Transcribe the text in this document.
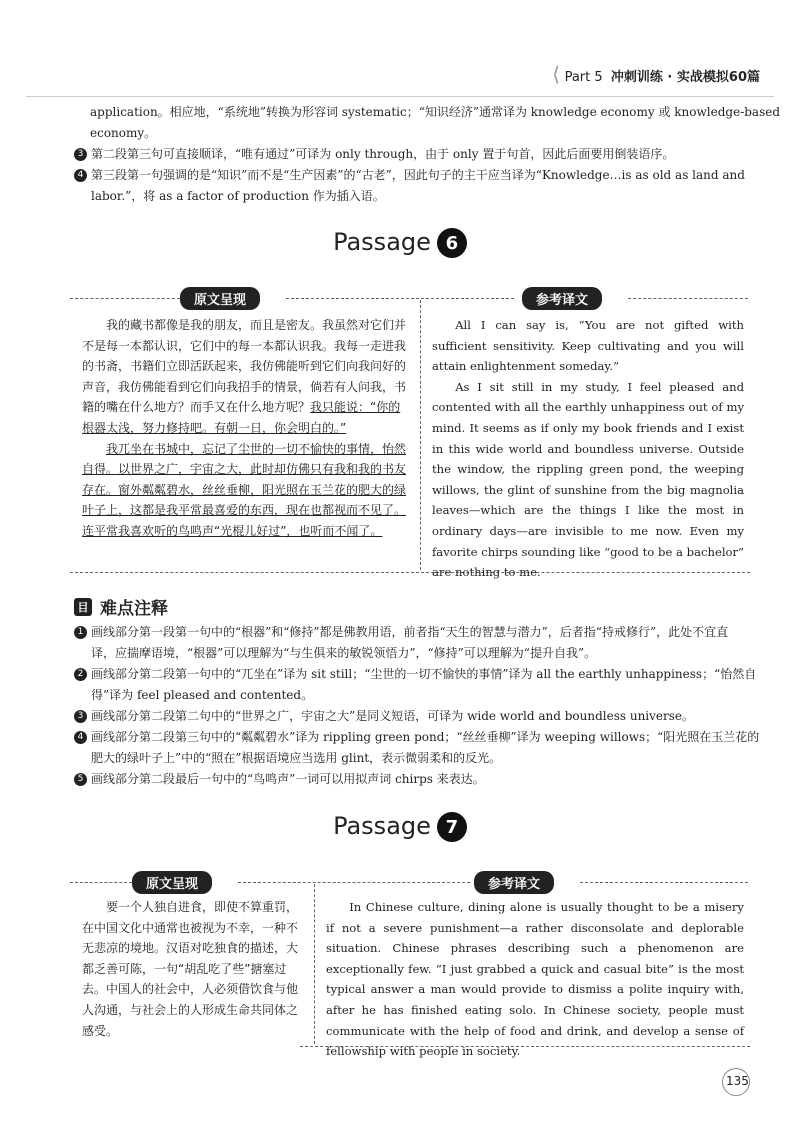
⟨ Part 5 冲刺训练 · 实战模拟60篇
application。相应地，“系统地”转换为形容词 systematic；“知识经济”通常译为 knowledge economy 或 knowledge-based
economy。
3 第二段第三句可直接顺译，“唯有通过”可译为 only through，由于 only 置于句首，因此后面要用倒装语序。
4 第三段第一句强调的是“知识”而不是“生产因素”的“古老”，因此句子的主干应当译为“Knowledge…is as old as land and
labor.”，将 as a factor of production 作为插入语。
Passage 6
原文呈现	参考译文

我的藏书都像是我的朋友，而且是密友。我虽然对它们并不是每一本都认识，它们中的每一本都认识我。我每一走进我的书斋，书籍们立即活跃起来，我仿佛能听到它们向我问好的声音，我仿佛能看到它们向我招手的情景，倘若有人问我，书籍的嘴在什么地方？而手又在什么地方呢？我只能说：“你的根器太浅，努力修持吧。有朝一日，你会明白的。”

我兀坐在书城中，忘记了尘世的一切不愉快的事情，怡然自得。以世界之广，宇宙之大，此时却仿佛只有我和我的书友存在。窗外粼粼碧水，丝丝垂柳，阳光照在玉兰花的肥大的绿叶子上，这都是我平常最喜爱的东西，现在也都视而不见了。连平常我喜欢听的鸟鸣声“光棍儿好过”，也听而不闻了。

All I can say is, “You are not gifted with sufficient sensitivity. Keep cultivating and you will attain enlightenment someday.”

As I sit still in my study, I feel pleased and contented with all the earthly unhappiness out of my mind. It seems as if only my book friends and I exist in this wide world and boundless universe. Outside the window, the rippling green pond, the weeping willows, the glint of sunshine from the big magnolia leaves—which are the things I like the most in ordinary days—are invisible to me now. Even my favorite chirps sounding like “good to be a bachelor” are nothing to me.

目 难点注释
1 画线部分第一段第一句中的“根器”和“修持”都是佛教用语，前者指“天生的智慧与潜力”，后者指“持戒修行”，此处不宜直
译，应揣摩语境，“根器”可以理解为“与生俱来的敏锐领悟力”，“修持”可以理解为“提升自我”。
2 画线部分第二段第一句中的“兀坐在”译为 sit still；“尘世的一切不愉快的事情”译为 all the earthly unhappiness；“怡然自
得”译为 feel pleased and contented。
3 画线部分第二段第二句中的“世界之广，宇宙之大”是同义短语，可译为 wide world and boundless universe。
4 画线部分第二段第三句中的“粼粼碧水”译为 rippling green pond；“丝丝垂柳”译为 weeping willows；“阳光照在玉兰花的
肥大的绿叶子上”中的“照在”根据语境应当选用 glint，表示微弱柔和的反光。
5 画线部分第二段最后一句中的“鸟鸣声”一词可以用拟声词 chirps 来表达。
Passage 7
原文呈现	参考译文

要一个人独自进食，即使不算重罚，在中国文化中通常也被视为不幸，一种不无悲凉的境地。汉语对吃独食的描述，大都乏善可陈，一句“胡乱吃了些”搪塞过去。中国人的社会中，人必须借饮食与他人沟通，与社会上的人形成生命共同体之感受。

In Chinese culture, dining alone is usually thought to be a misery if not a severe punishment—a rather disconsolate and deplorable situation. Chinese phrases describing such a phenomenon are exceptionally few. “I just grabbed a quick and casual bite” is the most typical answer a man would provide to dismiss a polite inquiry with, after he has finished eating solo. In Chinese society, people must communicate with the help of food and drink, and develop a sense of fellowship with people in society.

135
